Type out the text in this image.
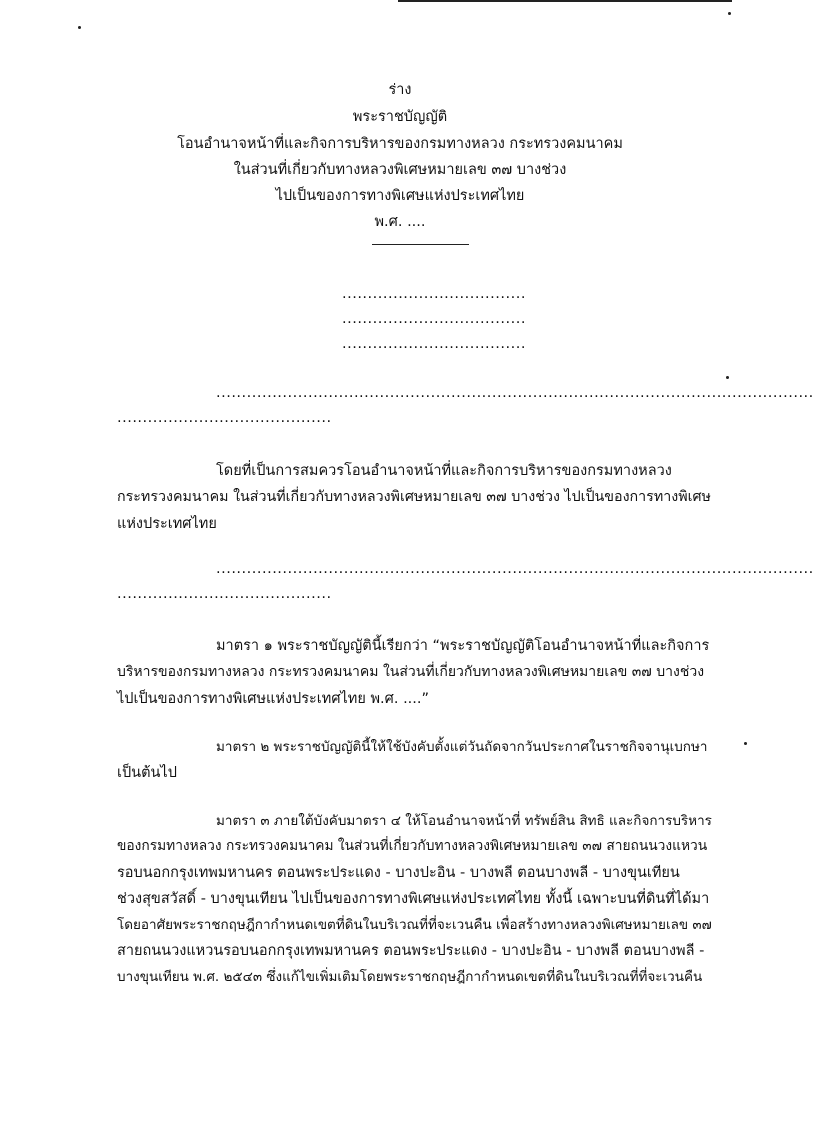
ร่าง
พระราชบัญญัติ
โอนอำนาจหน้าที่และกิจการบริหารของกรมทางหลวง กระทรวงคมนาคม
ในส่วนที่เกี่ยวกับทางหลวงพิเศษหมายเลข ๓๗ บางช่วง
ไปเป็นของการทางพิเศษแห่งประเทศไทย
พ.ศ. ....
....................................
....................................
....................................
.....................................................................................................................
..........................................
โดยที่เป็นการสมควรโอนอำนาจหน้าที่และกิจการบริหารของกรมทางหลวง
กระทรวงคมนาคม ในส่วนที่เกี่ยวกับทางหลวงพิเศษหมายเลข ๓๗ บางช่วง ไปเป็นของการทางพิเศษ
แห่งประเทศไทย
.....................................................................................................................
..........................................
มาตรา ๑ พระราชบัญญัตินี้เรียกว่า “พระราชบัญญัติโอนอำนาจหน้าที่และกิจการ
บริหารของกรมทางหลวง กระทรวงคมนาคม ในส่วนที่เกี่ยวกับทางหลวงพิเศษหมายเลข ๓๗ บางช่วง
ไปเป็นของการทางพิเศษแห่งประเทศไทย พ.ศ. ....”
มาตรา ๒ พระราชบัญญัตินี้ให้ใช้บังคับตั้งแต่วันถัดจากวันประกาศในราชกิจจานุเบกษา
เป็นต้นไป
มาตรา ๓ ภายใต้บังคับมาตรา ๔ ให้โอนอำนาจหน้าที่ ทรัพย์สิน สิทธิ และกิจการบริหาร
ของกรมทางหลวง กระทรวงคมนาคม ในส่วนที่เกี่ยวกับทางหลวงพิเศษหมายเลข ๓๗ สายถนนวงแหวน
รอบนอกกรุงเทพมหานคร ตอนพระประแดง - บางปะอิน - บางพลี ตอนบางพลี - บางขุนเทียน
ช่วงสุขสวัสดิ์ - บางขุนเทียน ไปเป็นของการทางพิเศษแห่งประเทศไทย ทั้งนี้ เฉพาะบนที่ดินที่ได้มา
โดยอาศัยพระราชกฤษฎีกากำหนดเขตที่ดินในบริเวณที่ที่จะเวนคืน เพื่อสร้างทางหลวงพิเศษหมายเลข ๓๗
สายถนนวงแหวนรอบนอกกรุงเทพมหานคร ตอนพระประแดง - บางปะอิน - บางพลี ตอนบางพลี -
บางขุนเทียน พ.ศ. ๒๕๔๓ ซึ่งแก้ไขเพิ่มเติมโดยพระราชกฤษฎีกากำหนดเขตที่ดินในบริเวณที่ที่จะเวนคืน
